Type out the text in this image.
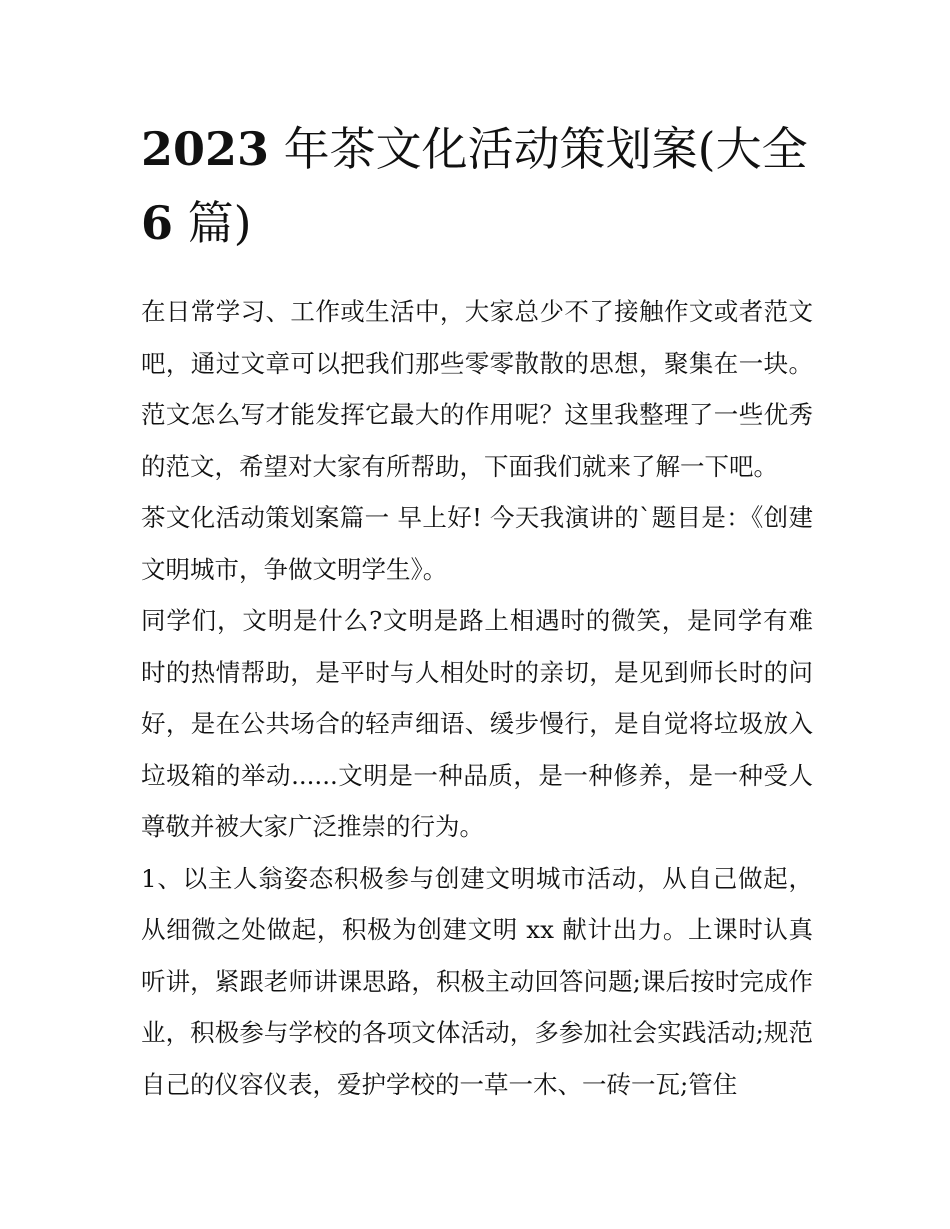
2023 年茶文化活动策划案(大全 6 篇)

在日常学习、工作或生活中，大家总少不了接触作文或者范文吧，通过文章可以把我们那些零零散散的思想，聚集在一块。范文怎么写才能发挥它最大的作用呢？这里我整理了一些优秀的范文，希望对大家有所帮助，下面我们就来了解一下吧。

茶文化活动策划案篇一 早上好! 今天我演讲的`题目是：《创建文明城市，争做文明学生》。

同学们，文明是什么?文明是路上相遇时的微笑，是同学有难时的热情帮助，是平时与人相处时的亲切，是见到师长时的问好，是在公共场合的轻声细语、缓步慢行，是自觉将垃圾放入垃圾箱的举动......文明是一种品质，是一种修养，是一种受人尊敬并被大家广泛推崇的行为。

1、以主人翁姿态积极参与创建文明城市活动，从自己做起，从细微之处做起，积极为创建文明 xx 献计出力。上课时认真听讲，紧跟老师讲课思路，积极主动回答问题;课后按时完成作业，积极参与学校的各项文体活动，多参加社会实践活动;规范自己的仪容仪表，爱护学校的一草一木、一砖一瓦;管住
